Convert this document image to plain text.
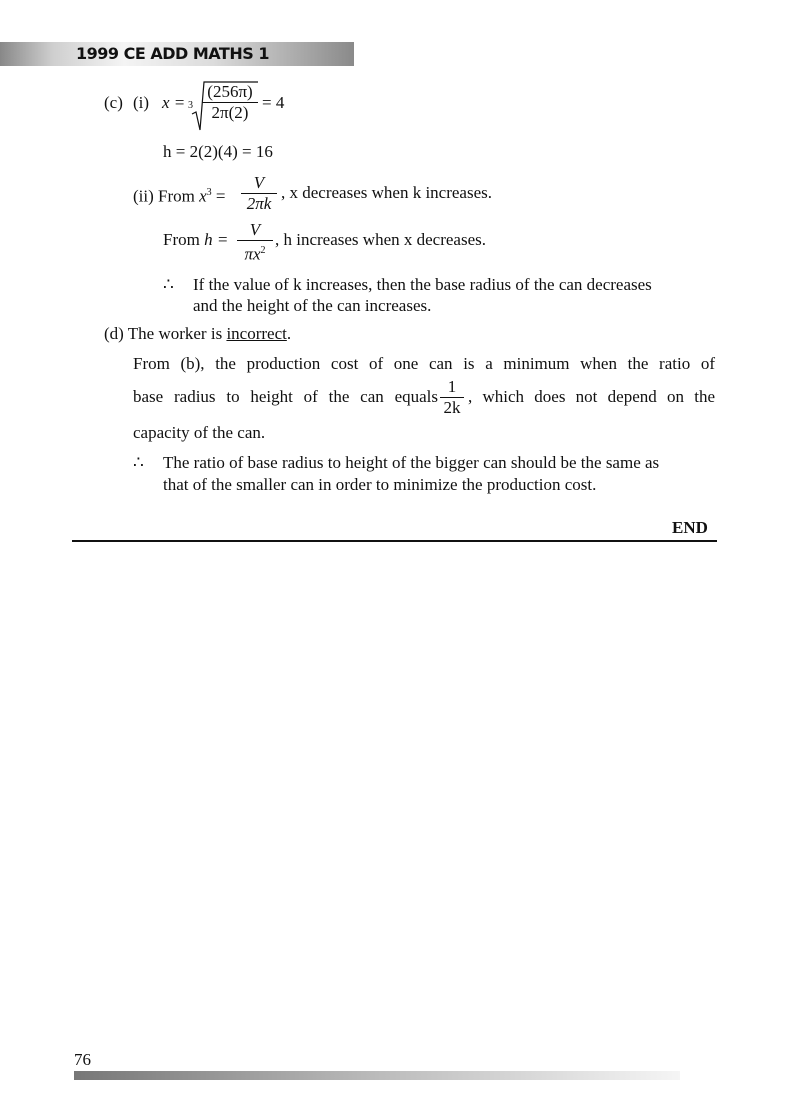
1999 CE ADD MATHS 1
(c) (i) $x = 3 \frac{(256\pi)}{2\pi(2)} = 4$
h = 2(2)(4) = 16
(ii) From $x^3 = \frac{V}{2\pi k}$ , x decreases when k increases.
From $h = \frac{V}{\pi x^2}$ , h increases when x decreases.
∴ If the value of k increases, then the base radius of the can decreases
and the height of the can increases.
(d) The worker is incorrect.
From (b), the production cost of one can is a minimum when the ratio of
base radius to height of the can equals $\frac{1}{2k}$ , which does not depend on the
capacity of the can.
∴ The ratio of base radius to height of the bigger can should be the same as
that of the smaller can in order to minimize the production cost.
END
76
